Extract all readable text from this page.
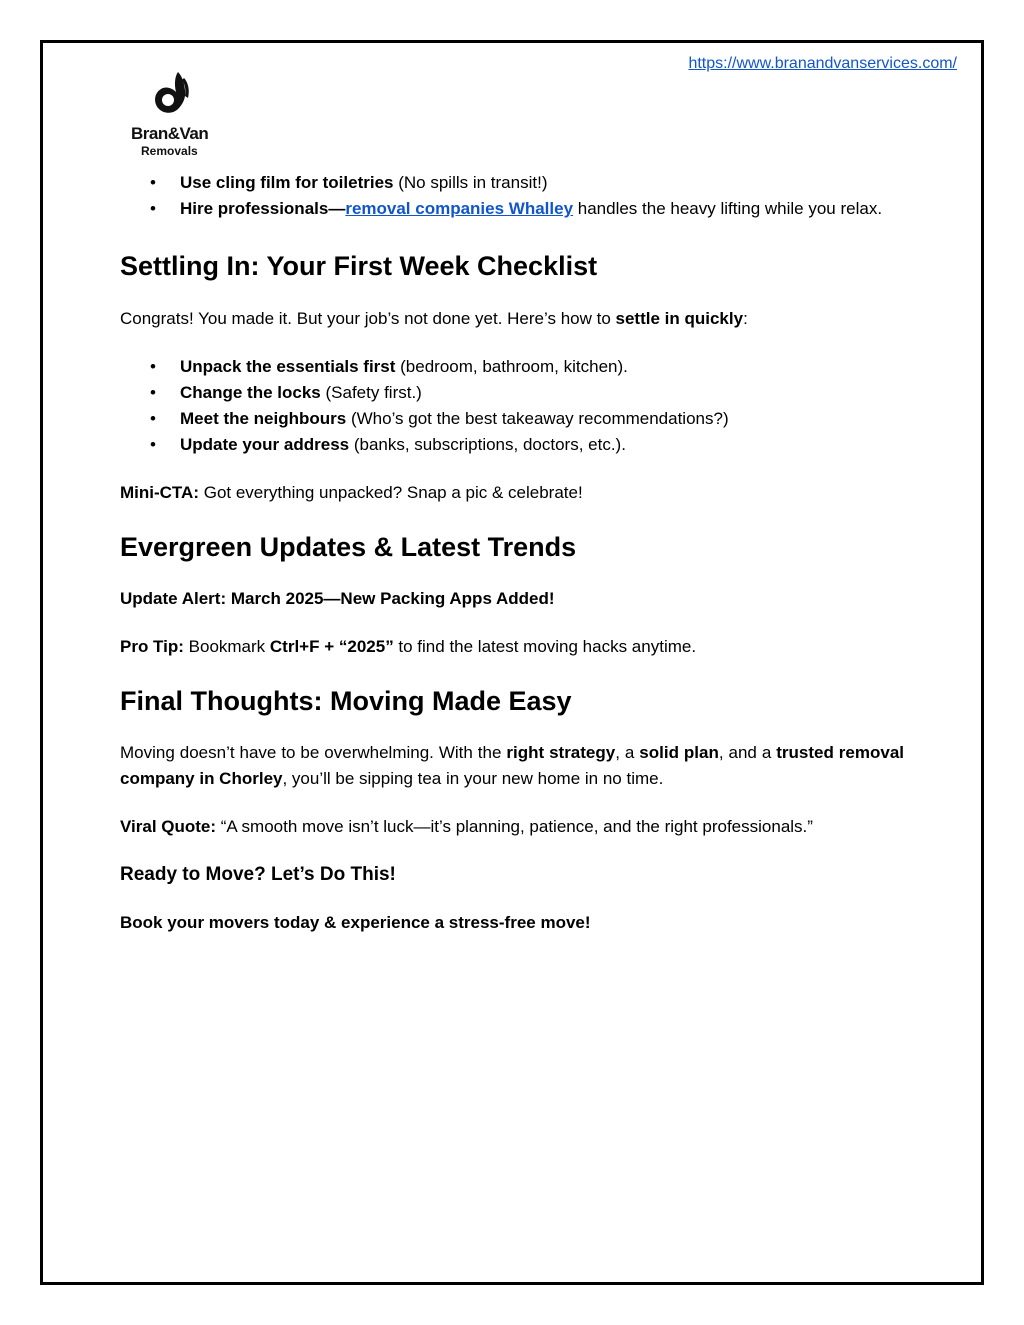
https://www.branandvanservices.com/
Bran&Van
Removals
• Use cling film for toiletries (No spills in transit!)
• Hire professionals—removal companies Whalley handles the heavy lifting while you relax.
Settling In: Your First Week Checklist

Congrats! You made it. But your job’s not done yet. Here’s how to settle in quickly:

• Unpack the essentials first (bedroom, bathroom, kitchen).
• Change the locks (Safety first.)
• Meet the neighbours (Who’s got the best takeaway recommendations?)
• Update your address (banks, subscriptions, doctors, etc.).

Mini-CTA: Got everything unpacked? Snap a pic & celebrate!

Evergreen Updates & Latest Trends

Update Alert: March 2025—New Packing Apps Added!

Pro Tip: Bookmark Ctrl+F + “2025” to find the latest moving hacks anytime.

Final Thoughts: Moving Made Easy

Moving doesn’t have to be overwhelming. With the right strategy, a solid plan, and a trusted removal company in Chorley, you’ll be sipping tea in your new home in no time.

Viral Quote: “A smooth move isn’t luck—it’s planning, patience, and the right professionals.”

Ready to Move? Let’s Do This!

Book your movers today & experience a stress-free move!
